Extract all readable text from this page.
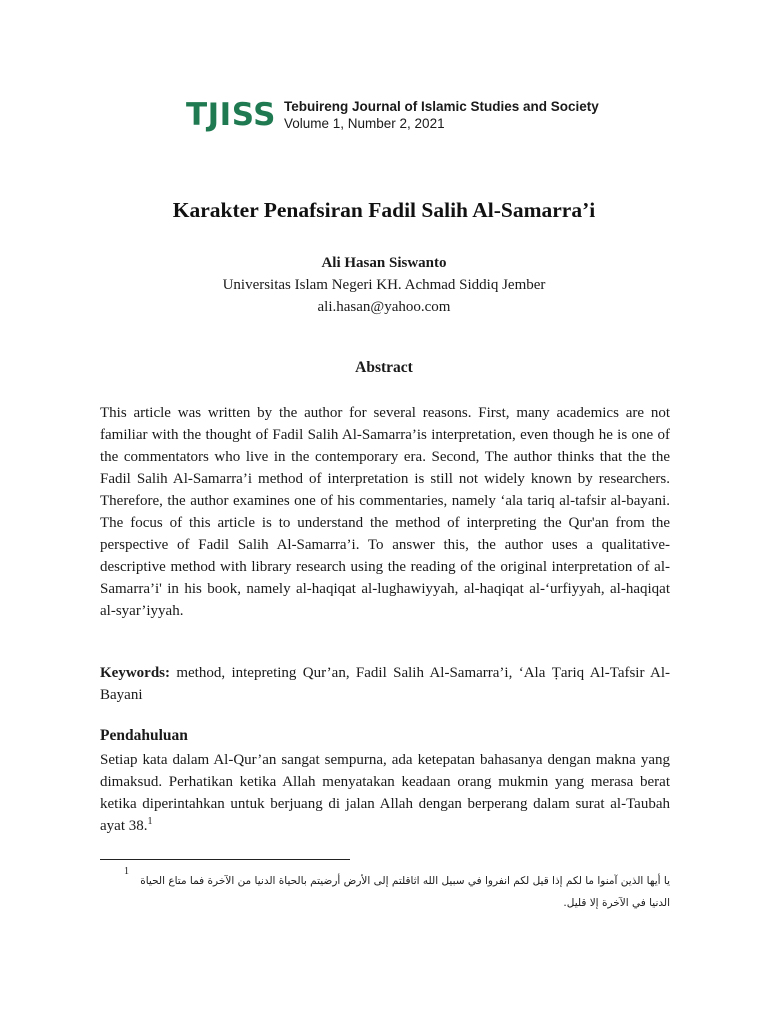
TJISS Tebuireng Journal of Islamic Studies and Society
Volume 1, Number 2, 2021
Karakter Penafsiran Fadil Salih Al-Samarra’i
Ali Hasan Siswanto
Universitas Islam Negeri KH. Achmad Siddiq Jember
ali.hasan@yahoo.com
Abstract
This article was written by the author for several reasons. First, many academics are not familiar with the thought of Fadil Salih Al-Samarra’is interpretation, even though he is one of the commentators who live in the contemporary era. Second, The author thinks that the the Fadil Salih Al-Samarra’i method of interpretation is still not widely known by researchers. Therefore, the author examines one of his commentaries, namely ‘ala tariq al-tafsir al-bayani. The focus of this article is to understand the method of interpreting the Qur'an from the perspective of Fadil Salih Al-Samarra’i. To answer this, the author uses a qualitative-descriptive method with library research using the reading of the original interpretation of al-Samarra’i' in his book, namely al-haqiqat al-lughawiyyah, al-haqiqat al-‘urfiyyah, al-haqiqat al-syar’iyyah.
Keywords: method, intepreting Qur’an, Fadil Salih Al-Samarra’i, ‘Ala Ṭariq Al-Tafsir Al-Bayani
Pendahuluan
Setiap kata dalam Al-Qur’an sangat sempurna, ada ketepatan bahasanya dengan makna yang dimaksud. Perhatikan ketika Allah menyatakan keadaan orang mukmin yang merasa berat ketika diperintahkan untuk berjuang di jalan Allah dengan berperang dalam surat al-Taubah ayat 38.$^1$
1
يا أيها الذين آمنوا ما لكم إذا قيل لكم انفروا في سبيل الله اثاقلتم إلى الأرض أرضيتم بالحياة الدنيا من الآخرة فما متاع الحياة الدنيا في الآخرة إلا قليل.
